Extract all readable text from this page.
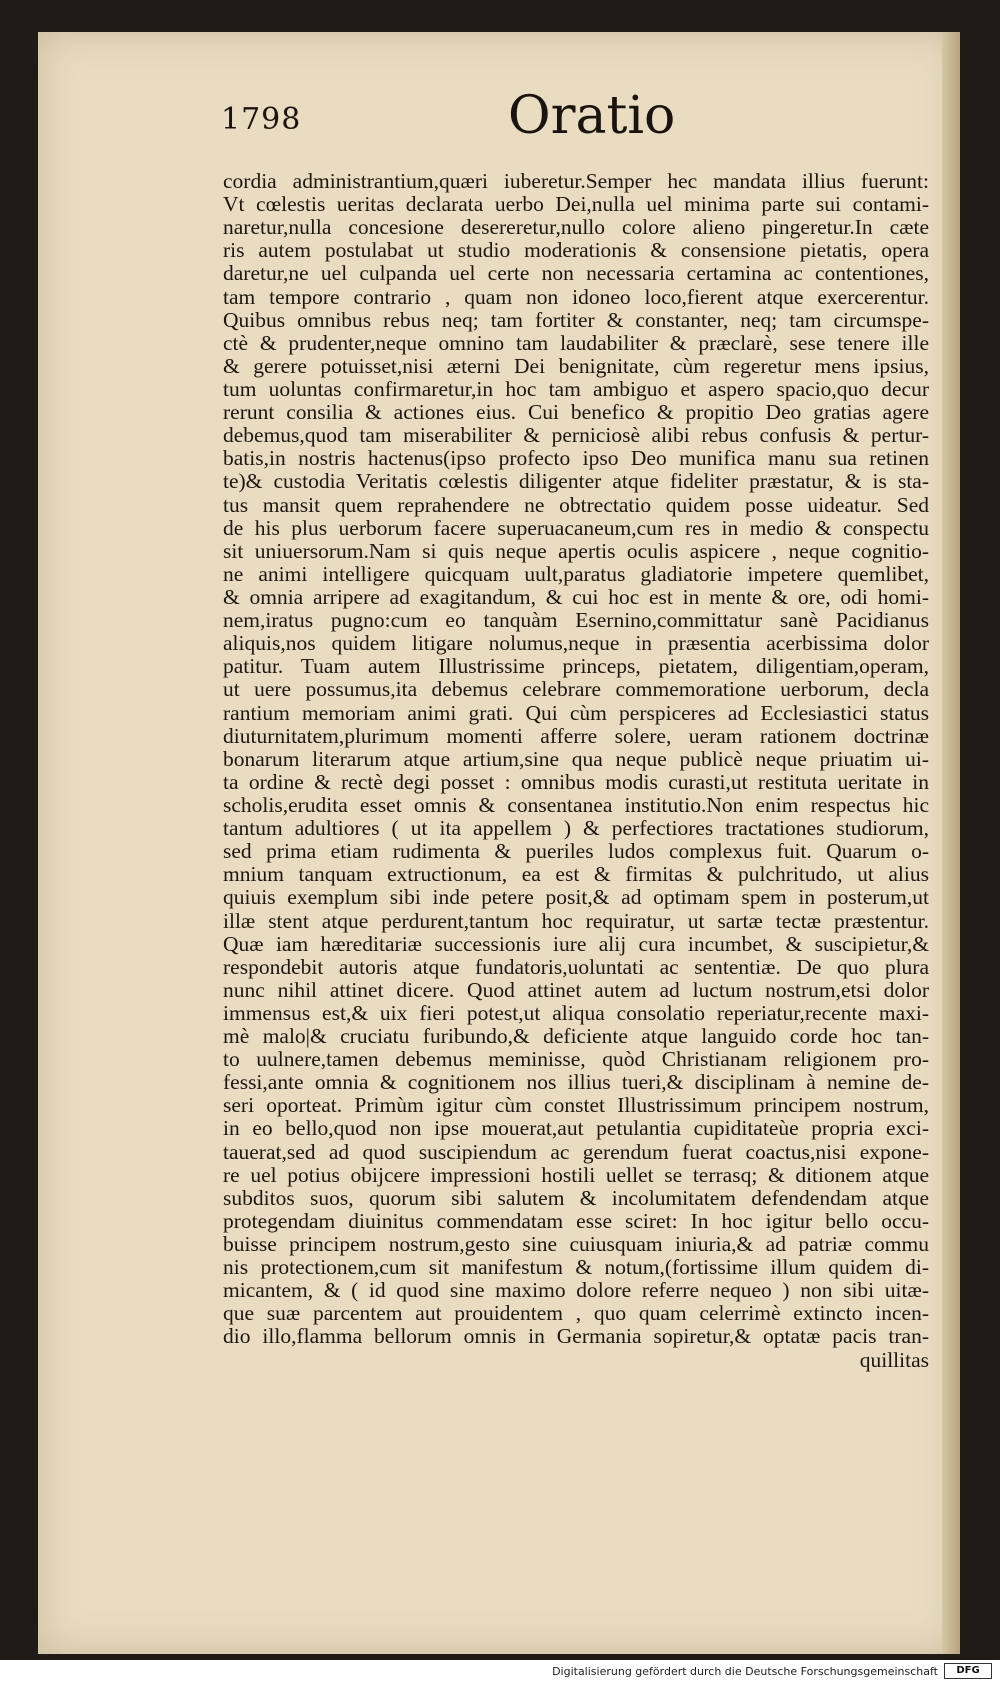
1798	Oratio
cordia administrantium,quæri iuberetur.Semper hec mandata illius fuerunt:
Vt cœlestis ueritas declarata uerbo Dei,nulla uel minima parte sui contami-
naretur,nulla concesione desereretur,nullo colore alieno pingeretur.In cæte
ris autem postulabat ut studio moderationis & consensione pietatis, opera
daretur,ne uel culpanda uel certe non necessaria certamina ac contentiones,
tam tempore contrario , quam non idoneo loco,fierent atque exercerentur.
Quibus omnibus rebus neq; tam fortiter & constanter, neq; tam circumspe-
ctè & prudenter,neque omnino tam laudabiliter & præclarè, sese tenere ille
& gerere potuisset,nisi æterni Dei benignitate, cùm regeretur mens ipsius,
tum uoluntas confirmaretur,in hoc tam ambiguo et aspero spacio,quo decur
rerunt consilia & actiones eius. Cui benefico & propitio Deo gratias agere
debemus,quod tam miserabiliter & perniciosè alibi rebus confusis & pertur-
batis,in nostris hactenus(ipso profecto ipso Deo munifica manu sua retinen
te)& custodia Veritatis cœlestis diligenter atque fideliter præstatur, & is sta-
tus mansit quem reprahendere ne obtrectatio quidem posse uideatur. Sed
de his plus uerborum facere superuacaneum,cum res in medio & conspectu
sit uniuersorum.Nam si quis neque apertis oculis aspicere , neque cognitio-
ne animi intelligere quicquam uult,paratus gladiatorie impetere quemlibet,
& omnia arripere ad exagitandum, & cui hoc est in mente & ore, odi homi-
nem,iratus pugno:cum eo tanquàm Esernino,committatur sanè Pacidianus
aliquis,nos quidem litigare nolumus,neque in præsentia acerbissima dolor
patitur. Tuam autem Illustrissime princeps, pietatem, diligentiam,operam,
ut uere possumus,ita debemus celebrare commemoratione uerborum, decla
rantium memoriam animi grati. Qui cùm perspiceres ad Ecclesiastici status
diuturnitatem,plurimum momenti afferre solere, ueram rationem doctrinæ
bonarum literarum atque artium,sine qua neque publicè neque priuatim ui-
ta ordine & rectè degi posset : omnibus modis curasti,ut restituta ueritate in
scholis,erudita esset omnis & consentanea institutio.Non enim respectus hic
tantum adultiores ( ut ita appellem ) & perfectiores tractationes studiorum,
sed prima etiam rudimenta & pueriles ludos complexus fuit. Quarum o-
mnium tanquam extructionum, ea est & firmitas & pulchritudo, ut alius
quiuis exemplum sibi inde petere posit,& ad optimam spem in posterum,ut
illæ stent atque perdurent,tantum hoc requiratur, ut sartæ tectæ præstentur.
Quæ iam hæreditariæ successionis iure alij cura incumbet, & suscipietur,&
respondebit autoris atque fundatoris,uoluntati ac sententiæ. De quo plura
nunc nihil attinet dicere. Quod attinet autem ad luctum nostrum,etsi dolor
immensus est,& uix fieri potest,ut aliqua consolatio reperiatur,recente maxi-
mè malo|& cruciatu furibundo,& deficiente atque languido corde hoc tan-
to uulnere,tamen debemus meminisse, quòd Christianam religionem pro-
fessi,ante omnia & cognitionem nos illius tueri,& disciplinam à nemine de-
seri oporteat. Primùm igitur cùm constet Illustrissimum principem nostrum,
in eo bello,quod non ipse mouerat,aut petulantia cupiditateùe propria exci-
tauerat,sed ad quod suscipiendum ac gerendum fuerat coactus,nisi expone-
re uel potius obijcere impressioni hostili uellet se terrasq; & ditionem atque
subditos suos, quorum sibi salutem & incolumitatem defendendam atque
protegendam diuinitus commendatam esse sciret: In hoc igitur bello occu-
buisse principem nostrum,gesto sine cuiusquam iniuria,& ad patriæ commu
nis protectionem,cum sit manifestum & notum,(fortissime illum quidem di-
micantem, & ( id quod sine maximo dolore referre nequeo ) non sibi uitæ-
que suæ parcentem aut prouidentem , quo quam celerrimè extincto incen-
dio illo,flamma bellorum omnis in Germania sopiretur,& optatæ pacis tran-
quillitas
Digitalisierung gefördert durch die Deutsche Forschungsgemeinschaft	DFG
